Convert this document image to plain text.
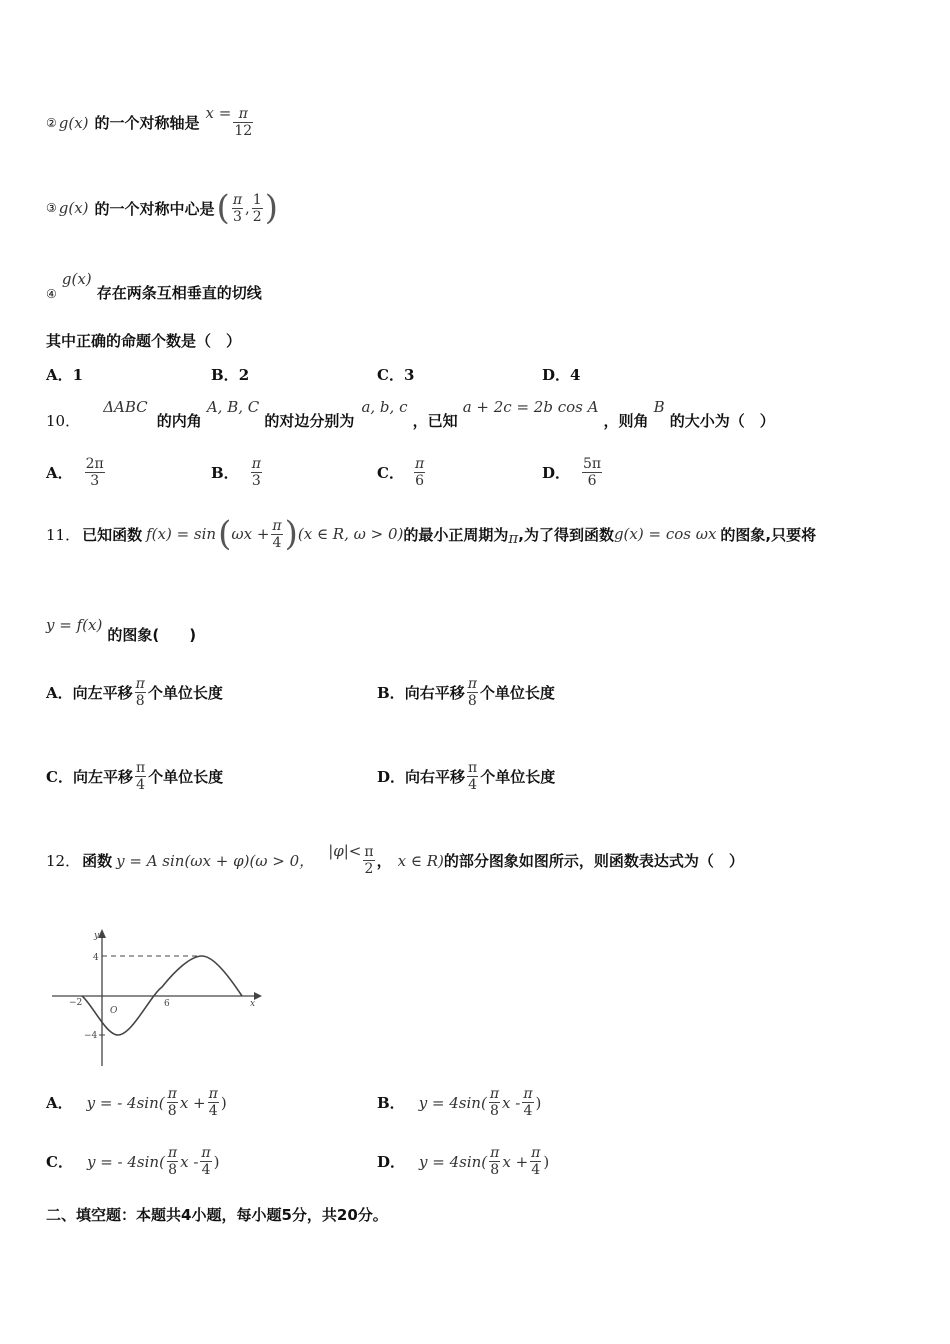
② g(x) 的一个对称轴是
$x = \frac{\pi}{12}$
③ g(x) 的一个对称中心是 ( $\frac{\pi}{3}$ , $\frac{1}{2}$ )
$_④$ g(x) 存在两条互相垂直的切线
其中正确的命题个数是（　）
A．1	B．2	C．3	D．4
10． ΔABC 的内角 A, B, C 的对边分别为 a, b, c ，已知 a + 2c = 2b cos A ，则角 B 的大小为（　）
A． $\frac{2\pi}{3}$	B． $\frac{\pi}{3}$	C． $\frac{\pi}{6}$	D． $\frac{5\pi}{6}$
11． 已知函数 f(x) = sin ( $\omega x + \frac{\pi}{4}$ ) (x ∈ R, ω > 0) 的最小正周期为 π ,为了得到函数 g(x) = cos ωx 的图象,只要将
y = f(x) 的图象(　　)
A． 向左平移 $\frac{\pi}{8}$ 个单位长度	B． 向右平移 $\frac{\pi}{8}$ 个单位长度
C． 向左平移 $\frac{\pi}{4}$ 个单位长度	D． 向右平移 $\frac{\pi}{4}$ 个单位长度
12． 函数 y = A sin(ωx + φ)(ω > 0，
$|\varphi|< \frac{\pi}{2}$ ， x ∈ R) 的部分图象如图所示，则函数表达式为（　）
y
x
O
4
−4
−2	6
A． y = - $4\sin( \frac{\pi}{8}$ $x + \frac{\pi}{4}$ )	B． $y = 4\sin( \frac{\pi}{8}$ x - $\frac{\pi}{4}$ )
C． y = - $4\sin( \frac{\pi}{8}$ x - $\frac{\pi}{4}$ )	D． $y = 4\sin( \frac{\pi}{8}$ $x + \frac{\pi}{4}$ )
二、填空题：本题共4小题，每小题5分，共20分。
